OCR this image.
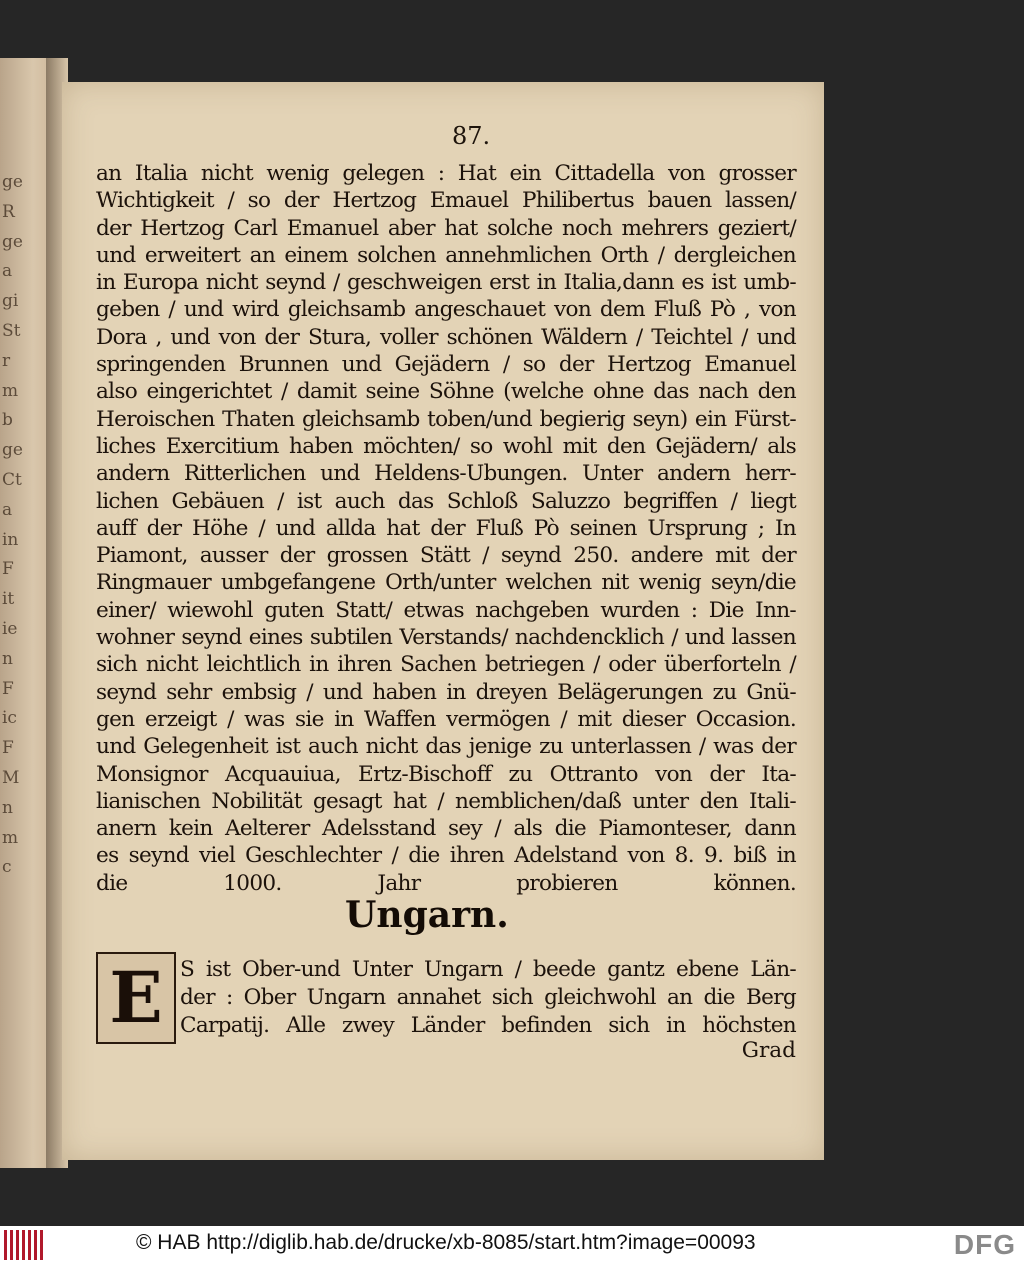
ge
R
ge
a
gi
St
r
m
b
ge
Ct
a
in
F
it
ie
n
F
ic
F
M
n
m
c
87.
an Italia nicht wenig gelegen : Hat ein Cittadella von grosser
Wichtigkeit / so der Hertzog Emauel Philibertus bauen lassen/
der Hertzog Carl Emanuel aber hat solche noch mehrers geziert/
und erweitert an einem solchen annehmlichen Orth / dergleichen
in Europa nicht seynd / geschweigen erst in Italia,dann es ist umb-
geben / und wird gleichsamb angeschauet von dem Fluß Pò , von
Dora , und von der Stura, voller schönen Wäldern / Teichtel / und
springenden Brunnen und Gejädern / so der Hertzog Emanuel
also eingerichtet / damit seine Söhne (welche ohne das nach den
Heroischen Thaten gleichsamb toben/und begierig seyn) ein Fürst-
liches Exercitium haben möchten/ so wohl mit den Gejädern/ als
andern Ritterlichen und Heldens-Ubungen. Unter andern herr-
lichen Gebäuen / ist auch das Schloß Saluzzo begriffen / liegt
auff der Höhe / und allda hat der Fluß Pò seinen Ursprung ; In
Piamont, ausser der grossen Stätt / seynd 250. andere mit der
Ringmauer umbgefangene Orth/unter welchen nit wenig seyn/die
einer/ wiewohl guten Statt/ etwas nachgeben wurden : Die Inn-
wohner seynd eines subtilen Verstands/ nachdencklich / und lassen
sich nicht leichtlich in ihren Sachen betriegen / oder überforteln /
seynd sehr embsig / und haben in dreyen Belägerungen zu Gnü-
gen erzeigt / was sie in Waffen vermögen / mit dieser Occasion.
und Gelegenheit ist auch nicht das jenige zu unterlassen / was der
Monsignor Acquauiua, Ertz-Bischoff zu Ottranto von der Ita-
lianischen Nobilität gesagt hat / nemblichen/daß unter den Itali-
anern kein Aelterer Adelsstand sey / als die Piamonteser, dann
es seynd viel Geschlechter / die ihren Adelstand von 8. 9. biß in
die 1000. Jahr probieren können.
Ungarn.
E S ist Ober-und Unter Ungarn / beede gantz ebene Län-
der : Ober Ungarn annahet sich gleichwohl an die Berg
Carpatij. Alle zwey Länder befinden sich in höchsten
Grad
© HAB http://diglib.hab.de/drucke/xb-8085/start.htm?image=00093	DFG
